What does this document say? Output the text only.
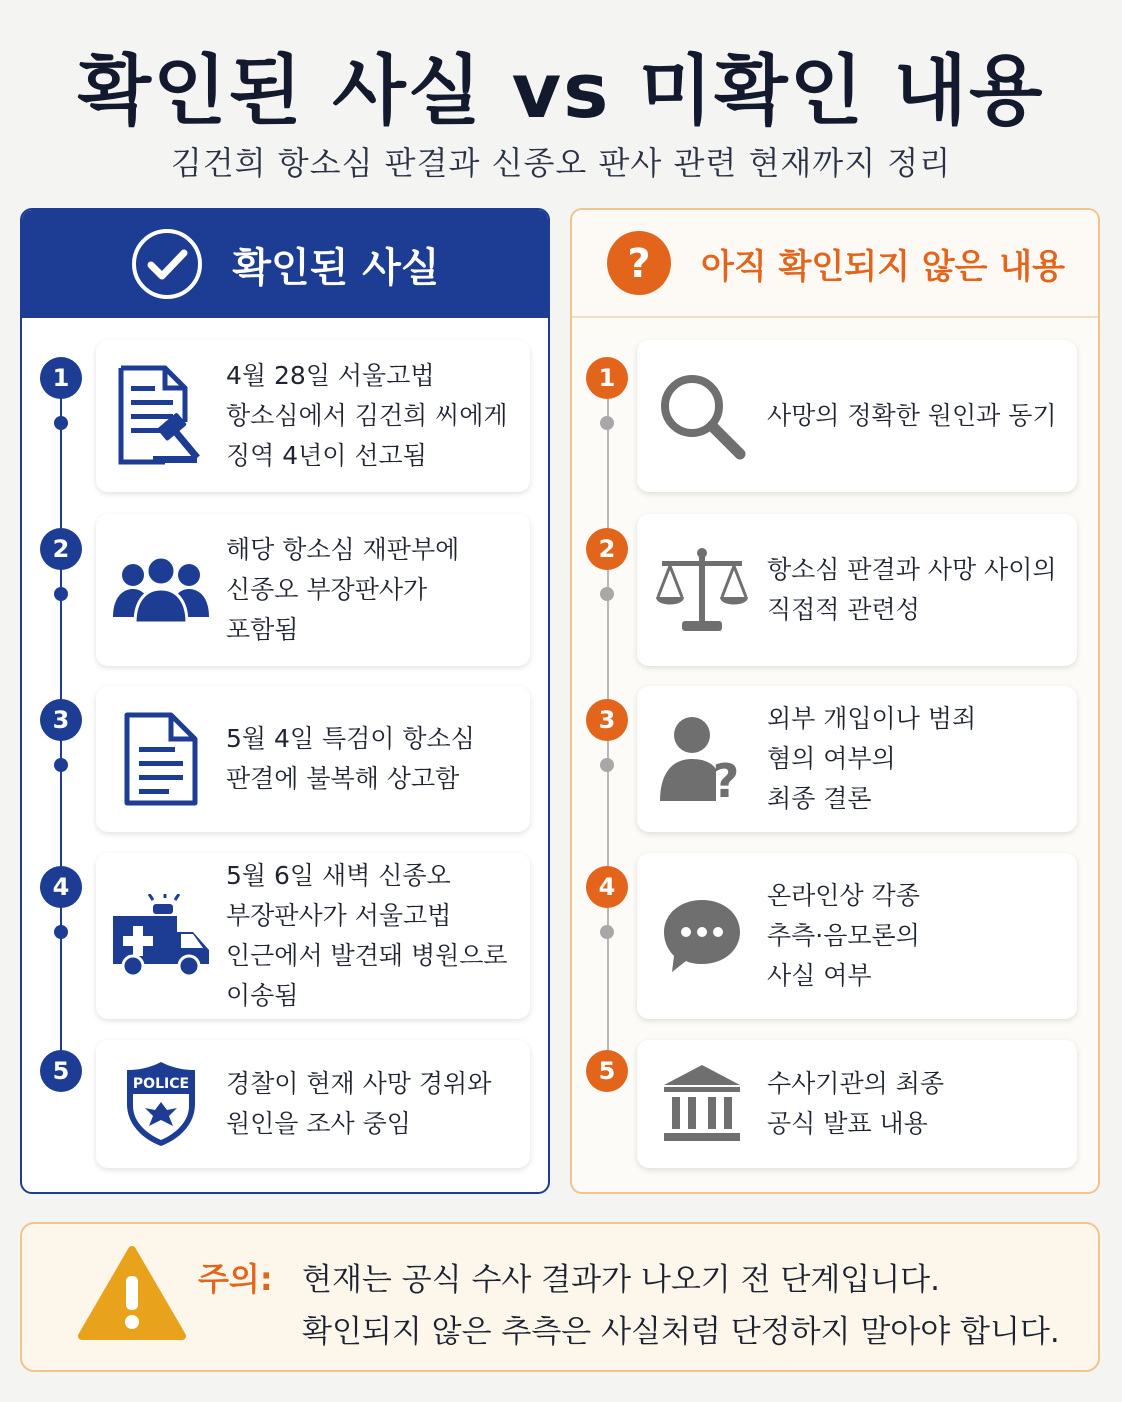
확인된 사실 vs 미확인 내용
김건희 항소심 판결과 신종오 판사 관련 현재까지 정리
확인된 사실	? 아직 확인되지 않은 내용
1	4월 28일 서울고법
항소심에서 김건희 씨에게
징역 4년이 선고됨
2	해당 항소심 재판부에
신종오 부장판사가
포함됨
3
5월 4일 특검이 항소심
판결에 불복해 상고함
4	5월 6일 새벽 신종오
부장판사가 서울고법
인근에서 발견돼 병원으로
이송됨
5	POLICE 경찰이 현재 사망 경위와
원인을 조사 중임
1
사망의 정확한 원인과 동기
2
항소심 판결과 사망 사이의
직접적 관련성
3
?
외부 개입이나 범죄
혐의 여부의
최종 결론
4	온라인상 각종
추측·음모론의
사실 여부
5	수사기관의 최종
공식 발표 내용
주의: 현재는 공식 수사 결과가 나오기 전 단계입니다.
확인되지 않은 추측은 사실처럼 단정하지 말아야 합니다.
